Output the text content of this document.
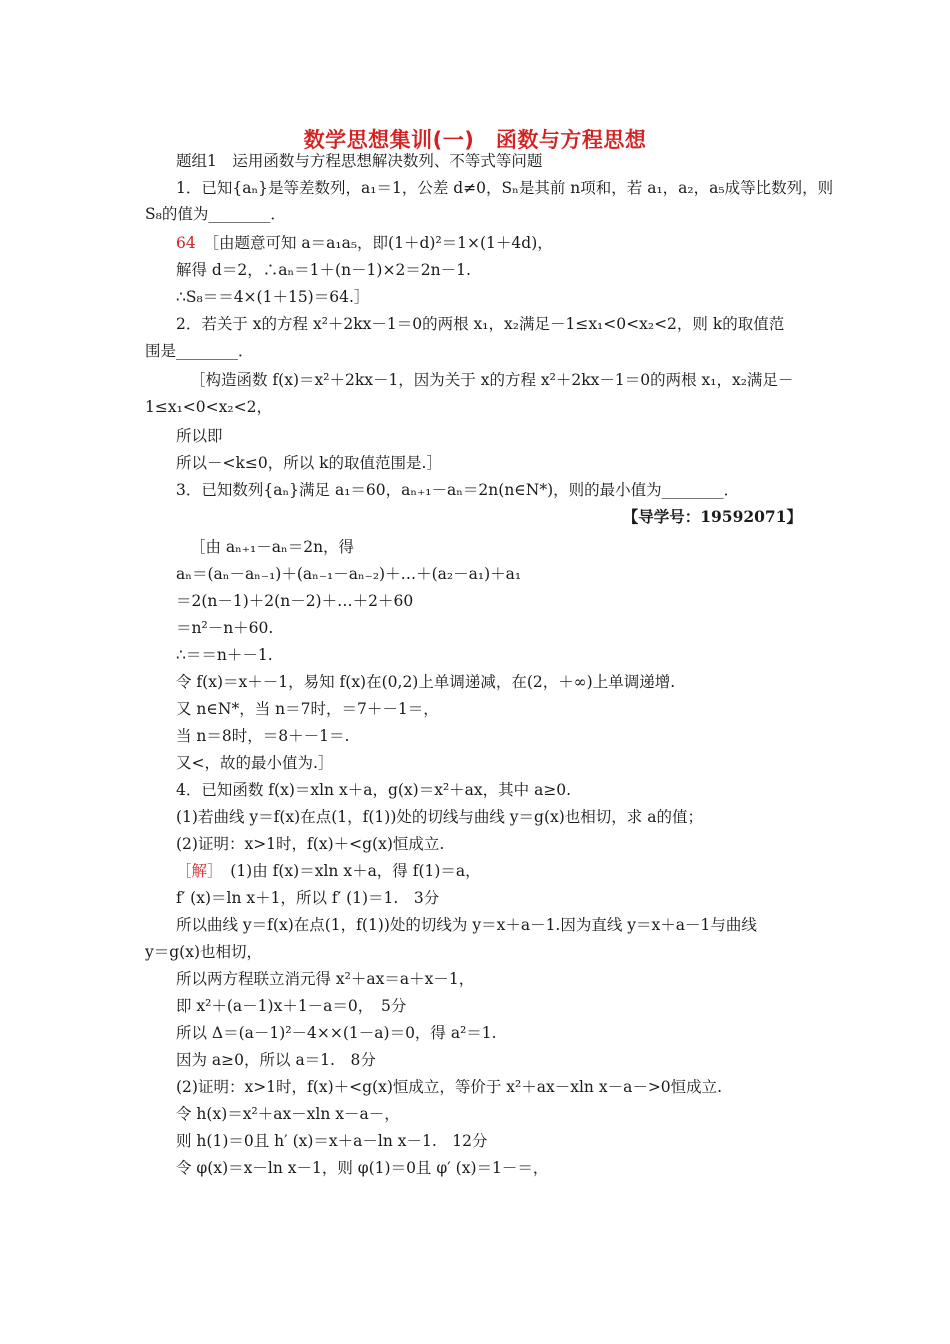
数学思想集训(一)　函数与方程思想
题组1　运用函数与方程思想解决数列、不等式等问题
1．已知{aₙ}是等差数列，a₁＝1，公差 d≠0，Sₙ是其前 n项和，若 a₁，a₂，a₅成等比数列，则
S₈的值为________．
64　［由题意可知 a＝a₁a₅，即(1＋d)²＝1×(1＋4d)，
解得 d＝2，∴aₙ＝1＋(n－1)×2＝2n－1.
∴S₈＝＝4×(1＋15)＝64.］
2．若关于 x的方程 x²＋2kx－1＝0的两根 x₁，x₂满足－1≤x₁<0<x₂<2，则 k的取值范
围是________．
［构造函数 f(x)＝x²＋2kx－1，因为关于 x的方程 x²＋2kx－1＝0的两根 x₁，x₂满足－
1≤x₁<0<x₂<2，
所以即
所以－<k≤0，所以 k的取值范围是.］
3．已知数列{aₙ}满足 a₁＝60，aₙ₊₁－aₙ＝2n(n∈N*)，则的最小值为________．
【导学号：19592071】
［由 aₙ₊₁－aₙ＝2n，得
aₙ＝(aₙ－aₙ₋₁)＋(aₙ₋₁－aₙ₋₂)＋…＋(a₂－a₁)＋a₁
＝2(n－1)＋2(n－2)＋…＋2＋60
＝n²－n＋60.
∴＝＝n＋－1.
令 f(x)＝x＋－1，易知 f(x)在(0,2)上单调递减，在(2，＋∞)上单调递增.
又 n∈N*，当 n＝7时，＝7＋－1＝，
当 n＝8时，＝8＋－1＝.
又<，故的最小值为.］
4．已知函数 f(x)＝xln x＋a，g(x)＝x²＋ax，其中 a≥0.
(1)若曲线 y＝f(x)在点(1，f(1))处的切线与曲线 y＝g(x)也相切，求 a的值；
(2)证明：x>1时，f(x)＋<g(x)恒成立.
［解］　(1)由 f(x)＝xln x＋a，得 f(1)＝a，
f′ (x)＝ln x＋1，所以 f′ (1)＝1.　3分
所以曲线 y＝f(x)在点(1，f(1))处的切线为 y＝x＋a－1.因为直线 y＝x＋a－1与曲线
y＝g(x)也相切，
所以两方程联立消元得 x²＋ax＝a＋x－1，
即 x²＋(a－1)x＋1－a＝0，　5分
所以 Δ＝(a－1)²－4××(1－a)＝0，得 a²＝1.
因为 a≥0，所以 a＝1.　8分
(2)证明：x>1时，f(x)＋<g(x)恒成立，等价于 x²＋ax－xln x－a－>0恒成立.
令 h(x)＝x²＋ax－xln x－a－，
则 h(1)＝0且 h′ (x)＝x＋a－ln x－1.　12分
令 φ(x)＝x－ln x－1，则 φ(1)＝0且 φ′ (x)＝1－＝，
